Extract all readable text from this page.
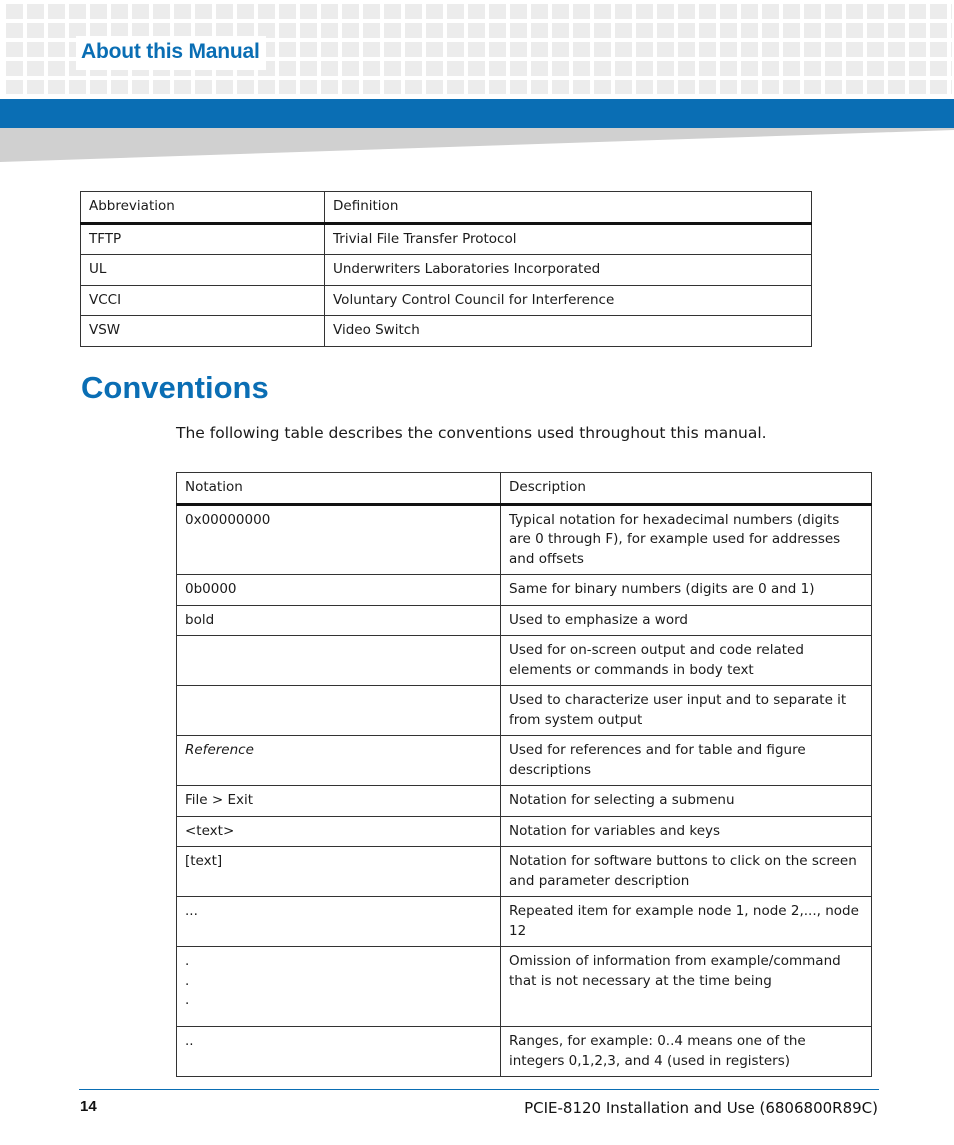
About this Manual
Abbreviation	Definition
TFTP	Trivial File Transfer Protocol
UL	Underwriters Laboratories Incorporated
VCCI	Voluntary Control Council for Interference
VSW	Video Switch
Conventions

The following table describes the conventions used throughout this manual.

Notation	Description
0x00000000	Typical notation for hexadecimal numbers (digits are 0 through F), for example used for addresses and offsets
0b0000	Same for binary numbers (digits are 0 and 1)
bold	Used to emphasize a word
	Used for on-screen output and code related elements or commands in body text
	Used to characterize user input and to separate it from system output
Reference	Used for references and for table and figure descriptions
File > Exit	Notation for selecting a submenu
<text>	Notation for variables and keys
[text]	Notation for software buttons to click on the screen and parameter description
...	Repeated item for example node 1, node 2,..., node 12

.
.
.	Omission of information from example/command that is not necessary at the time being
..	Ranges, for example: 0..4 means one of the integers 0,1,2,3, and 4 (used in registers)
14	PCIE-8120 Installation and Use (6806800R89C)
